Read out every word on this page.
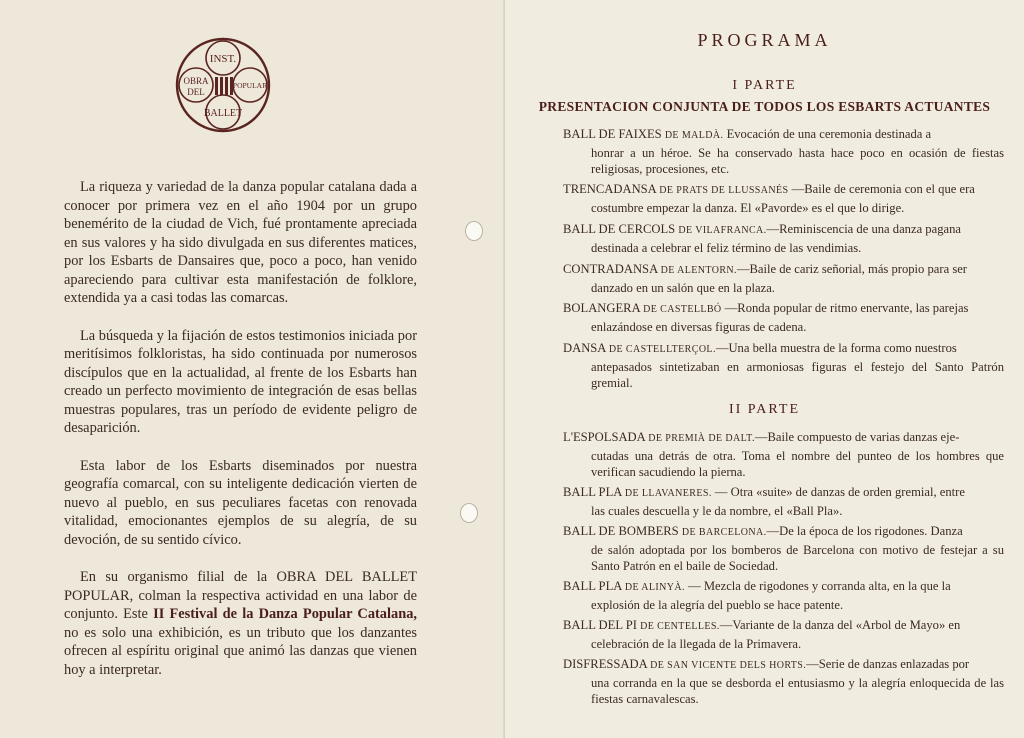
INST.
OBRA
DEL
POPULAR
BALLET

La riqueza y variedad de la danza popular catalana dada a conocer por primera vez en el año 1904 por un grupo benemérito de la ciudad de Vich, fué prontamente apreciada en sus valores y ha sido divulgada en sus diferentes matices, por los Esbarts de Dansaires que, poco a poco, han venido apareciendo para cultivar esta manifestación de folklore, extendida ya a casi todas las comarcas.

La búsqueda y la fijación de estos testimonios iniciada por meritísimos folkloristas, ha sido continuada por numerosos discípulos que en la actualidad, al frente de los Esbarts han creado un perfecto movimiento de integración de esas bellas muestras populares, tras un período de evidente peligro de desaparición.

Esta labor de los Esbarts diseminados por nuestra geografía comarcal, con su inteligente dedicación vierten de nuevo al pueblo, en sus peculiares facetas con renovada vitalidad, emocionantes ejemplos de su alegría, de su devoción, de su sentido cívico.

En su organismo filial de la OBRA DEL BALLET POPULAR, colman la respectiva actividad en una labor de conjunto. Este II Festival de la Danza Popular Catalana, no es solo una exhibición, es un tributo que los danzantes ofrecen al espíritu original que animó las danzas que vienen hoy a interpretar.

PROGRAMA
I PARTE
PRESENTACION CONJUNTA DE TODOS LOS ESBARTS ACTUANTES
BALL DE FAIXES DE MALDÀ. Evocación de una ceremonia destinada a
honrar a un héroe. Se ha conservado hasta hace poco en ocasión de fiestas religiosas, procesiones, etc.
TRENCADANSA DE PRATS DE LLUSSANÉS —Baile de ceremonia con el que era
costumbre empezar la danza. El «Pavorde» es el que lo dirige.
BALL DE CERCOLS DE VILAFRANCA.—Reminiscencia de una danza pagana
destinada a celebrar el feliz término de las vendimias.
CONTRADANSA DE ALENTORN.—Baile de cariz señorial, más propio para ser
danzado en un salón que en la plaza.
BOLANGERA DE CASTELLBÓ —Ronda popular de ritmo enervante, las parejas
enlazándose en diversas figuras de cadena.
DANSA DE CASTELLTERÇOL.—Una bella muestra de la forma como nuestros
antepasados sintetizaban en armoniosas figuras el festejo del Santo Patrón gremial.
II PARTE
L'ESPOLSADA DE PREMIÀ DE DALT.—Baile compuesto de varias danzas eje-
cutadas una detrás de otra. Toma el nombre del punteo de los hombres que verifican sacudiendo la pierna.
BALL PLA DE LLAVANERES. — Otra «suite» de danzas de orden gremial, entre
las cuales descuella y le da nombre, el «Ball Pla».
BALL DE BOMBERS DE BARCELONA.—De la época de los rigodones. Danza
de salón adoptada por los bomberos de Barcelona con motivo de festejar a su Santo Patrón en el baile de Sociedad.
BALL PLA DE ALINYÀ. — Mezcla de rigodones y corranda alta, en la que la
explosión de la alegría del pueblo se hace patente.
BALL DEL PI DE CENTELLES.—Variante de la danza del «Arbol de Mayo» en
celebración de la llegada de la Primavera.
DISFRESSADA DE SAN VICENTE DELS HORTS.—Serie de danzas enlazadas por
una corranda en la que se desborda el entusiasmo y la alegría enloquecida de las fiestas carnavalescas.
